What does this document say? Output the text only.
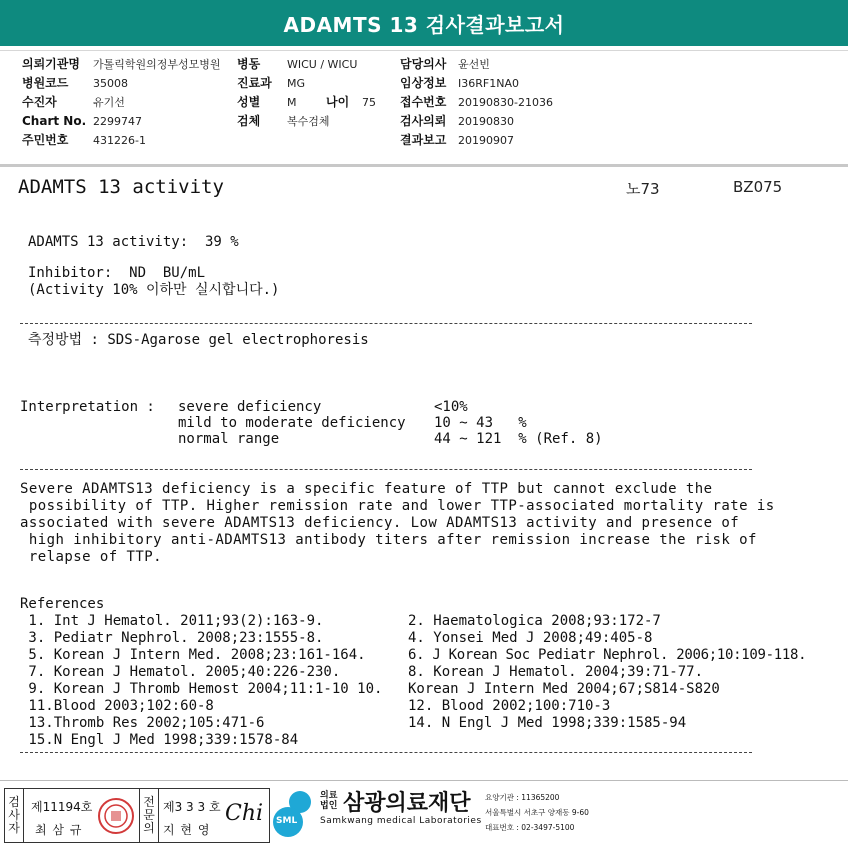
ADAMTS 13 검사결과보고서
의뢰기관명 가톨릭학원의정부성모병원 병동 WICU / WICU	담당의사 윤선빈
병원코드 35008	진료과 MG	임상정보 I36RF1NA0
수진자	유기선	성별 M 나이 75 접수번호 20190830-21036
Chart No. 2299747	검체 복수검체	검사의뢰 20190830
주민번호 431226-1	결과보고 20190907
ADAMTS 13 activity	노73	BZ075
ADAMTS 13 activity:  39 %
Inhibitor:  ND  BU/mL
(Activity 10% 이하만 실시합니다.)
측정방법 : SDS-Agarose gel electrophoresis
Interpretation : severe deficiency	<10%
mild to moderate deficiency 10 ~ 43   %
normal range	44 ~ 121  % (Ref. 8)
Severe ADAMTS13 deficiency is a specific feature of TTP but cannot exclude the
possibility of TTP. Higher remission rate and lower TTP-associated mortality rate is
associated with severe ADAMTS13 deficiency. Low ADAMTS13 activity and presence of
high inhibitory anti-ADAMTS13 antibody titers after remission increase the risk of
relapse of TTP.
References
1. Int J Hematol. 2011;93(2):163-9.	2. Haematologica 2008;93:172-7
3. Pediatr Nephrol. 2008;23:1555-8.	4. Yonsei Med J 2008;49:405-8
5. Korean J Intern Med. 2008;23:161-164.	6. J Korean Soc Pediatr Nephrol. 2006;10:109-118.
7. Korean J Hematol. 2005;40:226-230.	8. Korean J Hematol. 2004;39:71-77.
9. Korean J Thromb Hemost 2004;11:1-10 10. Korean J Intern Med 2004;67;S814-S820
11.Blood 2003;102:60-8	12. Blood 2002;100:710-3
13.Thromb Res 2002;105:471-6	14. N Engl J Med 1998;339:1585-94
15.N Engl J Med 1998;339:1578-84
검
사
자
제11194호
최 삼 규
전
문
의
제3 3 3 호
지 현 영
Chi SML
의료
법인 삼광의료재단
Samkwang medical Laboratories
요양기관 : 11365200
서울특별시 서초구 양재동 9-60
대표번호 : 02-3497-5100
